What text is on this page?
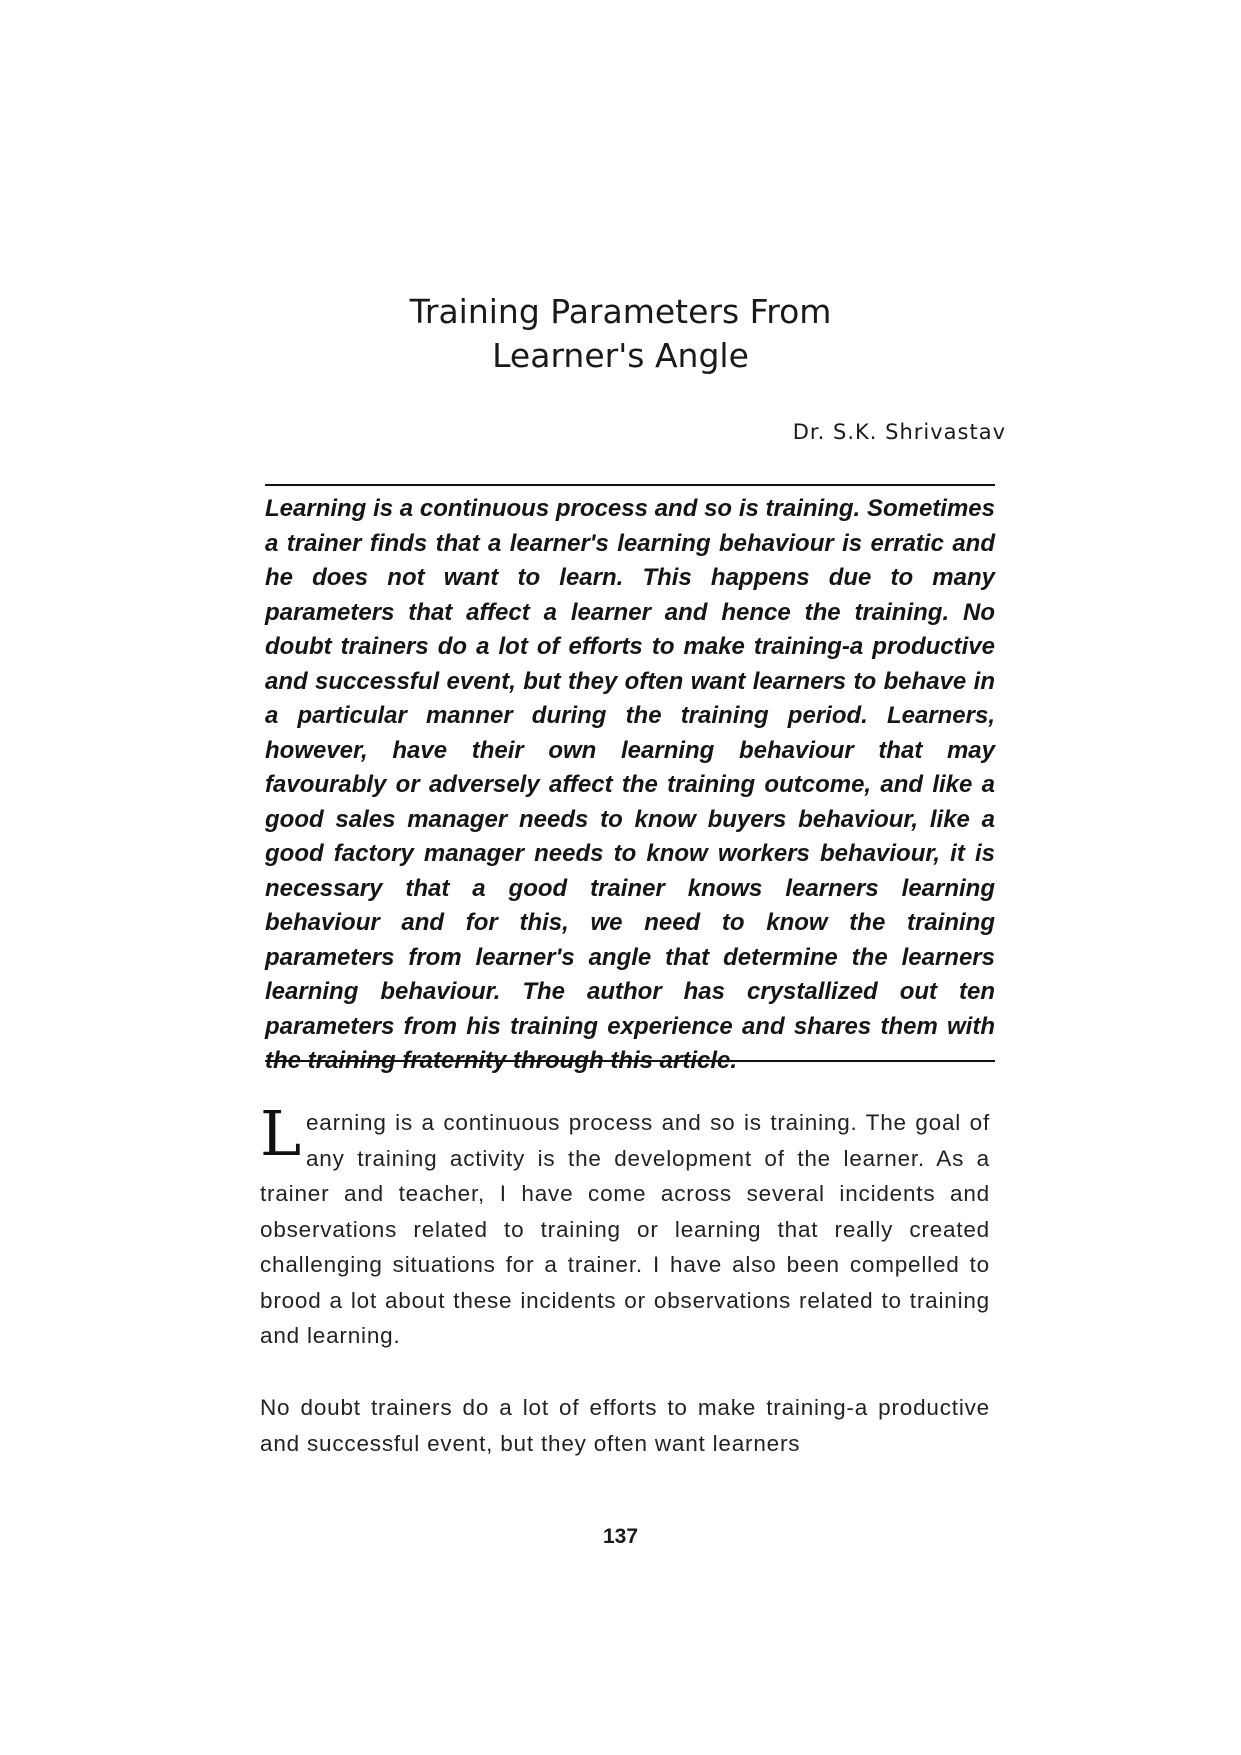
Training Parameters From
Learner's Angle
Dr. S.K. Shrivastav
Learning is a continuous process and so is training. Sometimes a trainer finds that a learner's learning behaviour is erratic and he does not want to learn. This happens due to many parameters that affect a learner and hence the training. No doubt trainers do a lot of efforts to make training-a productive and successful event, but they often want learners to behave in a particular manner during the training period. Learners, however, have their own learning behaviour that may favourably or adversely affect the training outcome, and like a good sales manager needs to know buyers behaviour, like a good factory manager needs to know workers behaviour, it is necessary that a good trainer knows learners learning behaviour and for this, we need to know the training parameters from learner's angle that determine the learners learning behaviour. The author has crystallized out ten parameters from his training experience and shares them with the training fraternity through this article.
Learning is a continuous process and so is training. The goal of any training activity is the development of the learner. As a trainer and teacher, I have come across several incidents and observations related to training or learning that really created challenging situations for a trainer. I have also been compelled to brood a lot about these incidents or observations related to training and learning.
No doubt trainers do a lot of efforts to make training-a productive and successful event, but they often want learners
137
